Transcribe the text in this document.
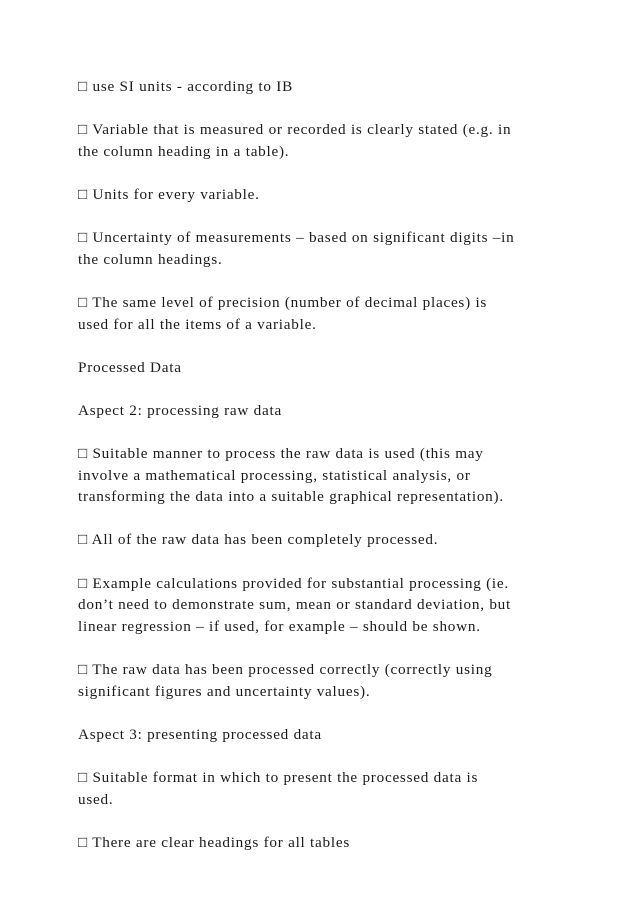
□ use SI units - according to IB

□ Variable that is measured or recorded is clearly stated (e.g. in
the column heading in a table).

□ Units for every variable.

□ Uncertainty of measurements – based on significant digits –in
the column headings.

□ The same level of precision (number of decimal places) is
used for all the items of a variable.

Processed Data

Aspect 2: processing raw data

□ Suitable manner to process the raw data is used (this may
involve a mathematical processing, statistical analysis, or
transforming the data into a suitable graphical representation).

□ All of the raw data has been completely processed.

□ Example calculations provided for substantial processing (ie.
don’t need to demonstrate sum, mean or standard deviation, but
linear regression – if used, for example – should be shown.

□ The raw data has been processed correctly (correctly using
significant figures and uncertainty values).

Aspect 3: presenting processed data

□ Suitable format in which to present the processed data is
used.

□ There are clear headings for all tables
